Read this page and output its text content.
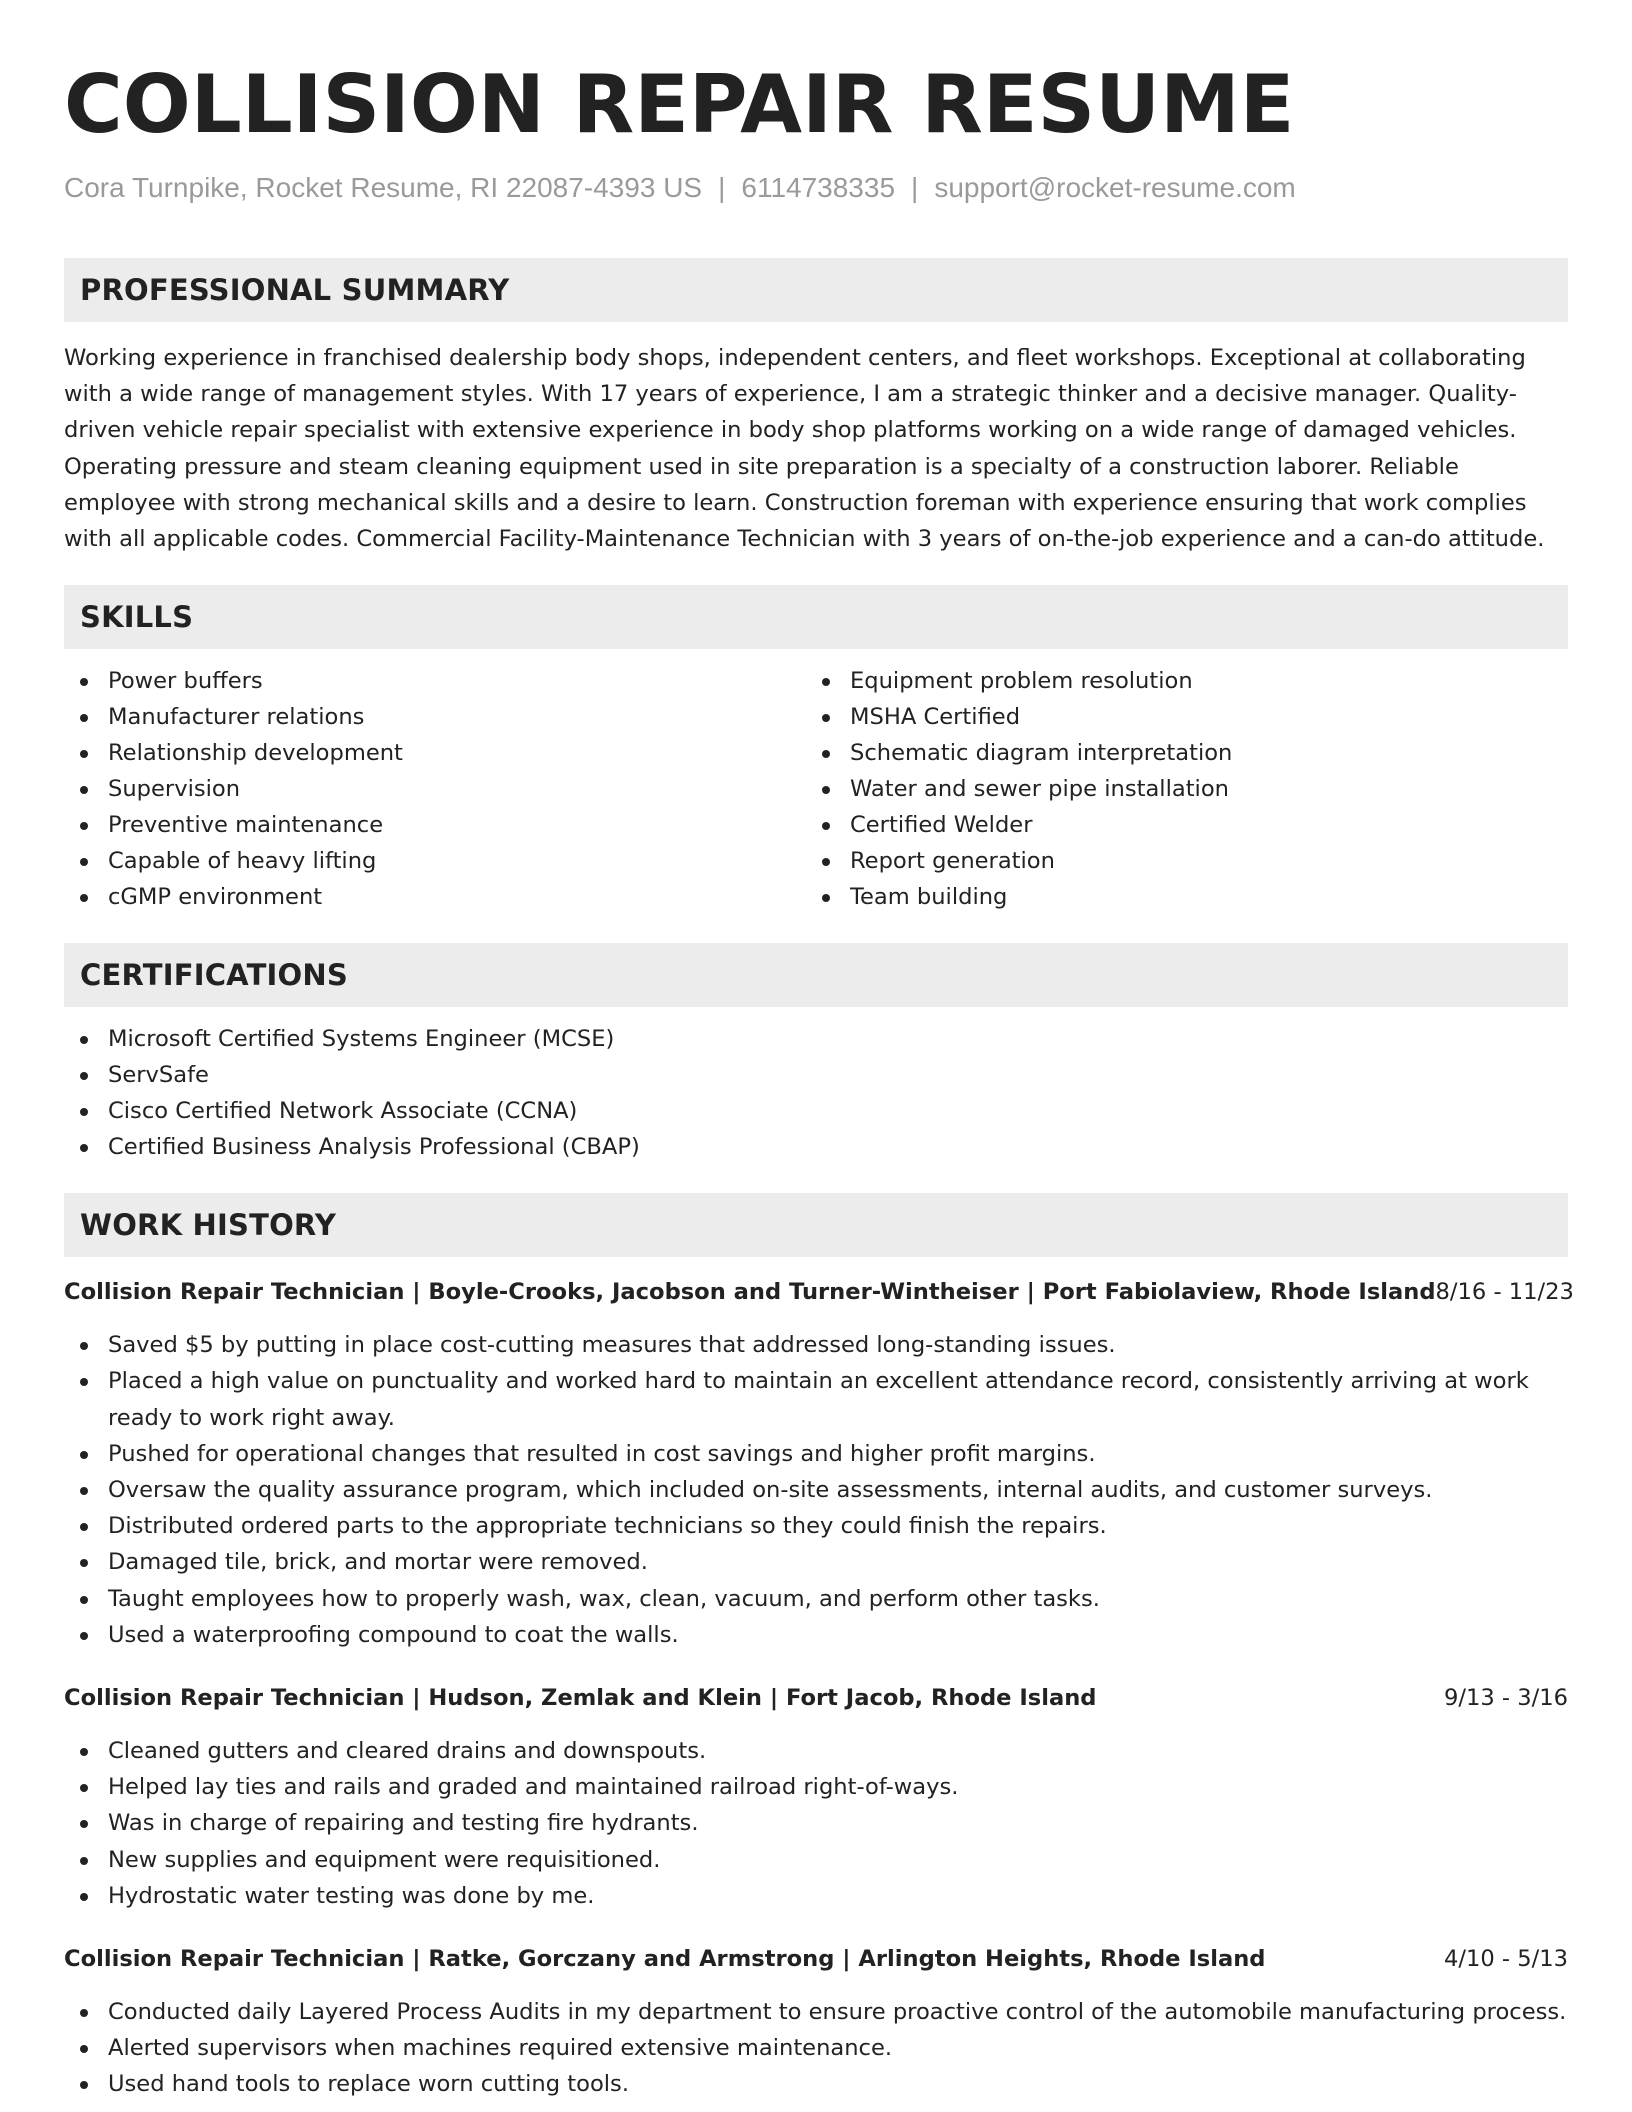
COLLISION REPAIR RESUME
Cora Turnpike, Rocket Resume, RI 22087-4393 US | 6114738335 | support@rocket-resume.com
PROFESSIONAL SUMMARY

Working experience in franchised dealership body shops, independent centers, and fleet workshops. Exceptional at collaborating with a wide range of management styles. With 17 years of experience, I am a strategic thinker and a decisive manager. Quality-driven vehicle repair specialist with extensive experience in body shop platforms working on a wide range of damaged vehicles. Operating pressure and steam cleaning equipment used in site preparation is a specialty of a construction laborer. Reliable employee with strong mechanical skills and a desire to learn. Construction foreman with experience ensuring that work complies with all applicable codes. Commercial Facility-Maintenance Technician with 3 years of on-the-job experience and a can-do attitude.

SKILLS
Power buffers
Manufacturer relations
Relationship development
Supervision
Preventive maintenance
Capable of heavy lifting
cGMP environment
Equipment problem resolution
MSHA Certified
Schematic diagram interpretation
Water and sewer pipe installation
Certified Welder
Report generation
Team building
CERTIFICATIONS
Microsoft Certified Systems Engineer (MCSE)
ServSafe
Cisco Certified Network Associate (CCNA)
Certified Business Analysis Professional (CBAP)
WORK HISTORY
Collision Repair Technician | Boyle-Crooks, Jacobson and Turner-Wintheiser | Port Fabiolaview, Rhode Island 8/16 - 11/23
Saved $5 by putting in place cost-cutting measures that addressed long-standing issues.
Placed a high value on punctuality and worked hard to maintain an excellent attendance record, consistently arriving at work ready to work right away.
Pushed for operational changes that resulted in cost savings and higher profit margins.
Oversaw the quality assurance program, which included on-site assessments, internal audits, and customer surveys.
Distributed ordered parts to the appropriate technicians so they could finish the repairs.
Damaged tile, brick, and mortar were removed.
Taught employees how to properly wash, wax, clean, vacuum, and perform other tasks.
Used a waterproofing compound to coat the walls.
Collision Repair Technician | Hudson, Zemlak and Klein | Fort Jacob, Rhode Island	9/13 - 3/16
Cleaned gutters and cleared drains and downspouts.
Helped lay ties and rails and graded and maintained railroad right-of-ways.
Was in charge of repairing and testing fire hydrants.
New supplies and equipment were requisitioned.
Hydrostatic water testing was done by me.
Collision Repair Technician | Ratke, Gorczany and Armstrong | Arlington Heights, Rhode Island	4/10 - 5/13
Conducted daily Layered Process Audits in my department to ensure proactive control of the automobile manufacturing process.
Alerted supervisors when machines required extensive maintenance.
Used hand tools to replace worn cutting tools.
